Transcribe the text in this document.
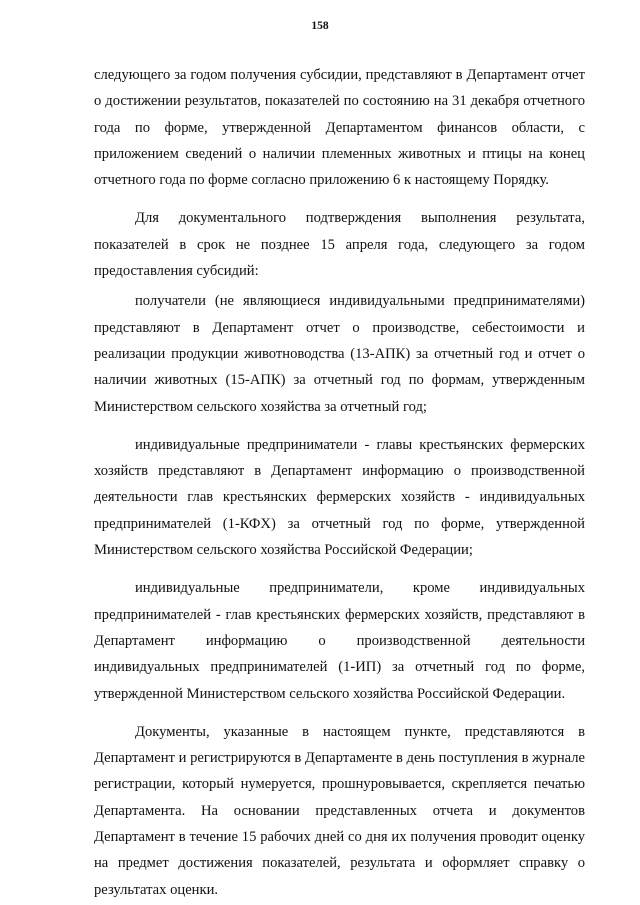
158

следующего за годом получения субсидии, представляют в Департамент отчет о достижении результатов, показателей по состоянию на 31 декабря отчетного года по форме, утвержденной Департаментом финансов области, с приложением сведений о наличии племенных животных и птицы на конец отчетного года по форме согласно приложению 6 к настоящему Порядку.

Для документального подтверждения выполнения результата, показателей в срок не позднее 15 апреля года, следующего за годом предоставления субсидий:

получатели (не являющиеся индивидуальными предпринимателями) представляют в Департамент отчет о производстве, себестоимости и реализации продукции животноводства (13-АПК) за отчетный год и отчет о наличии животных (15-АПК) за отчетный год по формам, утвержденным Министерством сельского хозяйства за отчетный год;

индивидуальные предприниматели - главы крестьянских фермерских хозяйств представляют в Департамент информацию о производственной деятельности глав крестьянских фермерских хозяйств - индивидуальных предпринимателей (1-КФХ) за отчетный год по форме, утвержденной Министерством сельского хозяйства Российской Федерации;

индивидуальные предприниматели, кроме индивидуальных предпринимателей - глав крестьянских фермерских хозяйств, представляют в Департамент информацию о производственной деятельности индивидуальных предпринимателей (1-ИП) за отчетный год по форме, утвержденной Министерством сельского хозяйства Российской Федерации.

Документы, указанные в настоящем пункте, представляются в Департамент и регистрируются в Департаменте в день поступления в журнале регистрации, который нумеруется, прошнуровывается, скрепляется печатью Департамента. На основании представленных отчета и документов Департамент в течение 15 рабочих дней со дня их получения проводит оценку на предмет достижения показателей, результата и оформляет справку о результатах оценки.
